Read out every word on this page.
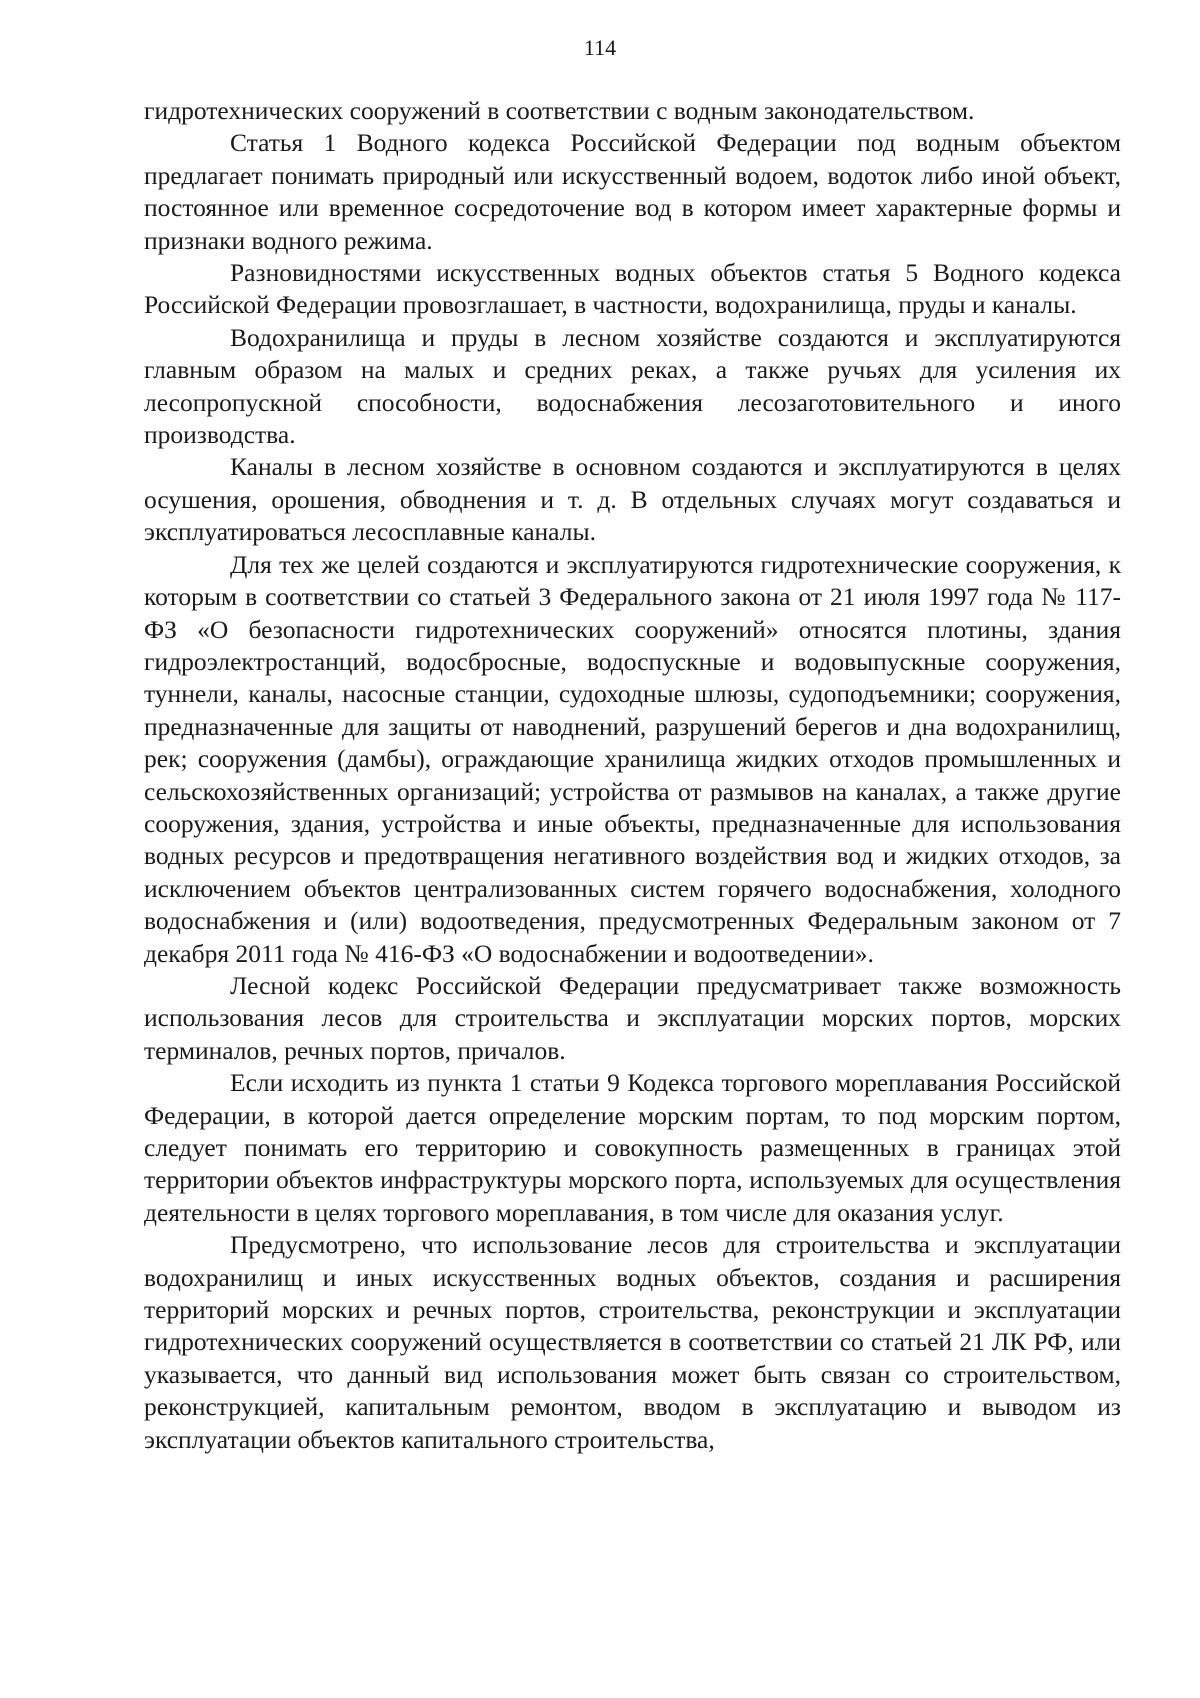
114

гидротехнических сооружений в соответствии с водным законодательством.

Статья 1 Водного кодекса Российской Федерации под водным объектом предлагает понимать природный или искусственный водоем, водоток либо иной объект, постоянное или временное сосредоточение вод в котором имеет характерные формы и признаки водного режима.

Разновидностями искусственных водных объектов статья 5 Водного кодекса Российской Федерации провозглашает, в частности, водохранилища, пруды и каналы.

Водохранилища и пруды в лесном хозяйстве создаются и эксплуатируются главным образом на малых и средних реках, а также ручьях для усиления их лесопропускной способности, водоснабжения лесозаготовительного и иного производства.

Каналы в лесном хозяйстве в основном создаются и эксплуатируются в целях осушения, орошения, обводнения и т. д. В отдельных случаях могут создаваться и эксплуатироваться лесосплавные каналы.

Для тех же целей создаются и эксплуатируются гидротехнические сооружения, к которым в соответствии со статьей 3 Федерального закона от 21 июля 1997 года № 117-ФЗ «О безопасности гидротехнических сооружений» относятся плотины, здания гидроэлектростанций, водосбросные, водоспускные и водовыпускные сооружения, туннели, каналы, насосные станции, судоходные шлюзы, судоподъемники; сооружения, предназначенные для защиты от наводнений, разрушений берегов и дна водохранилищ, рек; сооружения (дамбы), ограждающие хранилища жидких отходов промышленных и сельскохозяйственных организаций; устройства от размывов на каналах, а также другие сооружения, здания, устройства и иные объекты, предназначенные для использования водных ресурсов и предотвращения негативного воздействия вод и жидких отходов, за исключением объектов централизованных систем горячего водоснабжения, холодного водоснабжения и (или) водоотведения, предусмотренных Федеральным законом от 7 декабря 2011 года № 416-ФЗ «О водоснабжении и водоотведении».

Лесной кодекс Российской Федерации предусматривает также возможность использования лесов для строительства и эксплуатации морских портов, морских терминалов, речных портов, причалов.

Если исходить из пункта 1 статьи 9 Кодекса торгового мореплавания Российской Федерации, в которой дается определение морским портам, то под морским портом, следует понимать его территорию и совокупность размещенных в границах этой территории объектов инфраструктуры морского порта, используемых для осуществления деятельности в целях торгового мореплавания, в том числе для оказания услуг.

Предусмотрено, что использование лесов для строительства и эксплуатации водохранилищ и иных искусственных водных объектов, создания и расширения территорий морских и речных портов, строительства, реконструкции и эксплуатации гидротехнических сооружений осуществляется в соответствии со статьей 21 ЛК РФ, или указывается, что данный вид использования может быть связан со строительством, реконструкцией, капитальным ремонтом, вводом в эксплуатацию и выводом из эксплуатации объектов капитального строительства,
